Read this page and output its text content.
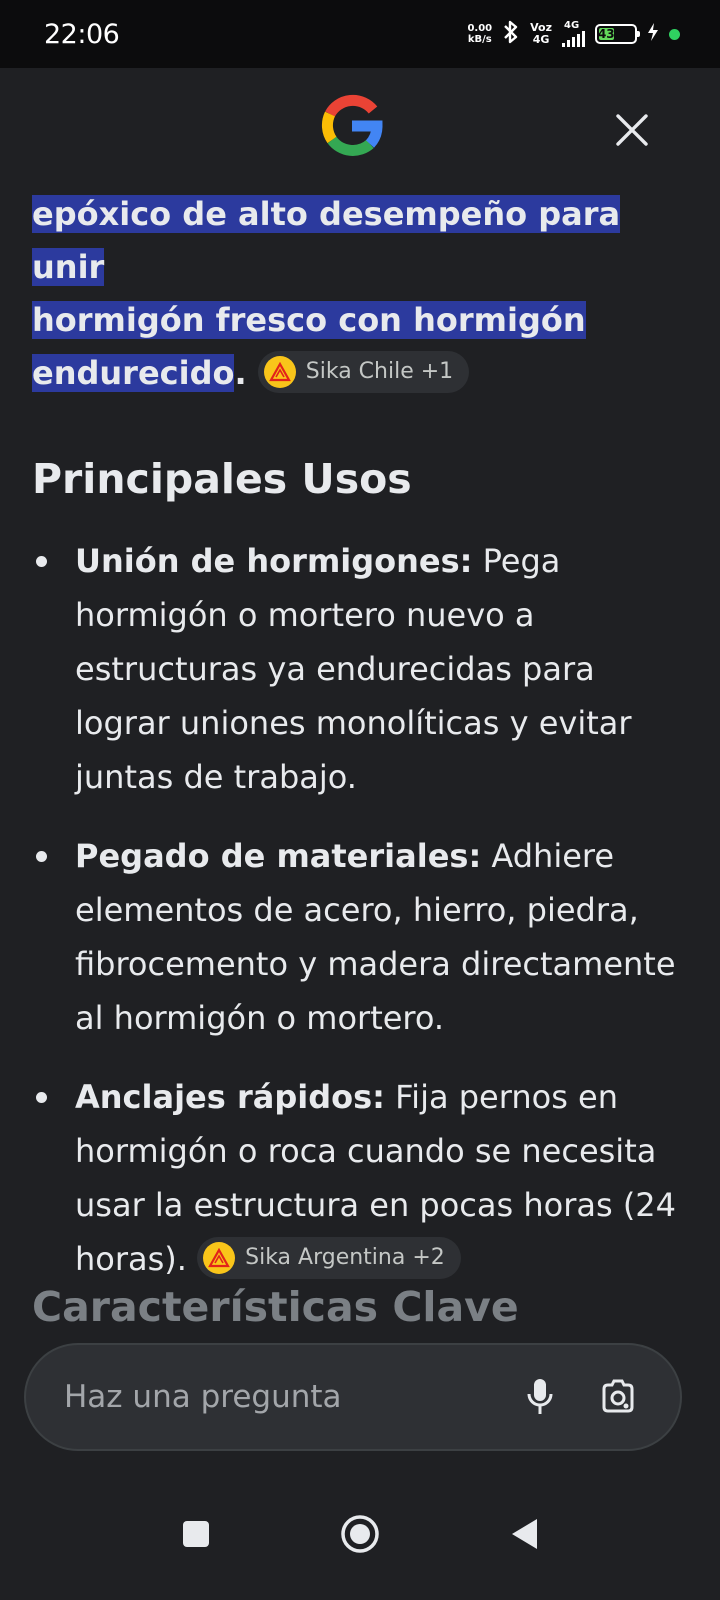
22:06	0.00
kB/s
Voz
4G
4G
43

epóxico de alto desempeño para unir
hormigón fresco con hormigón
endurecido.	Sika Chile +1

Principales Usos
Unión de hormigones: Pega hormigón o mortero nuevo a estructuras ya endurecidas para lograr uniones monolíticas y evitar juntas de trabajo.
Pegado de materiales: Adhiere elementos de acero, hierro, piedra, fibrocemento y madera directamente al hormigón o mortero.
Anclajes rápidos: Fija pernos en hormigón o roca cuando se necesita usar la estructura en pocas horas (24 horas). Sika Argentina +2
Características Clave
Haz una pregunta
